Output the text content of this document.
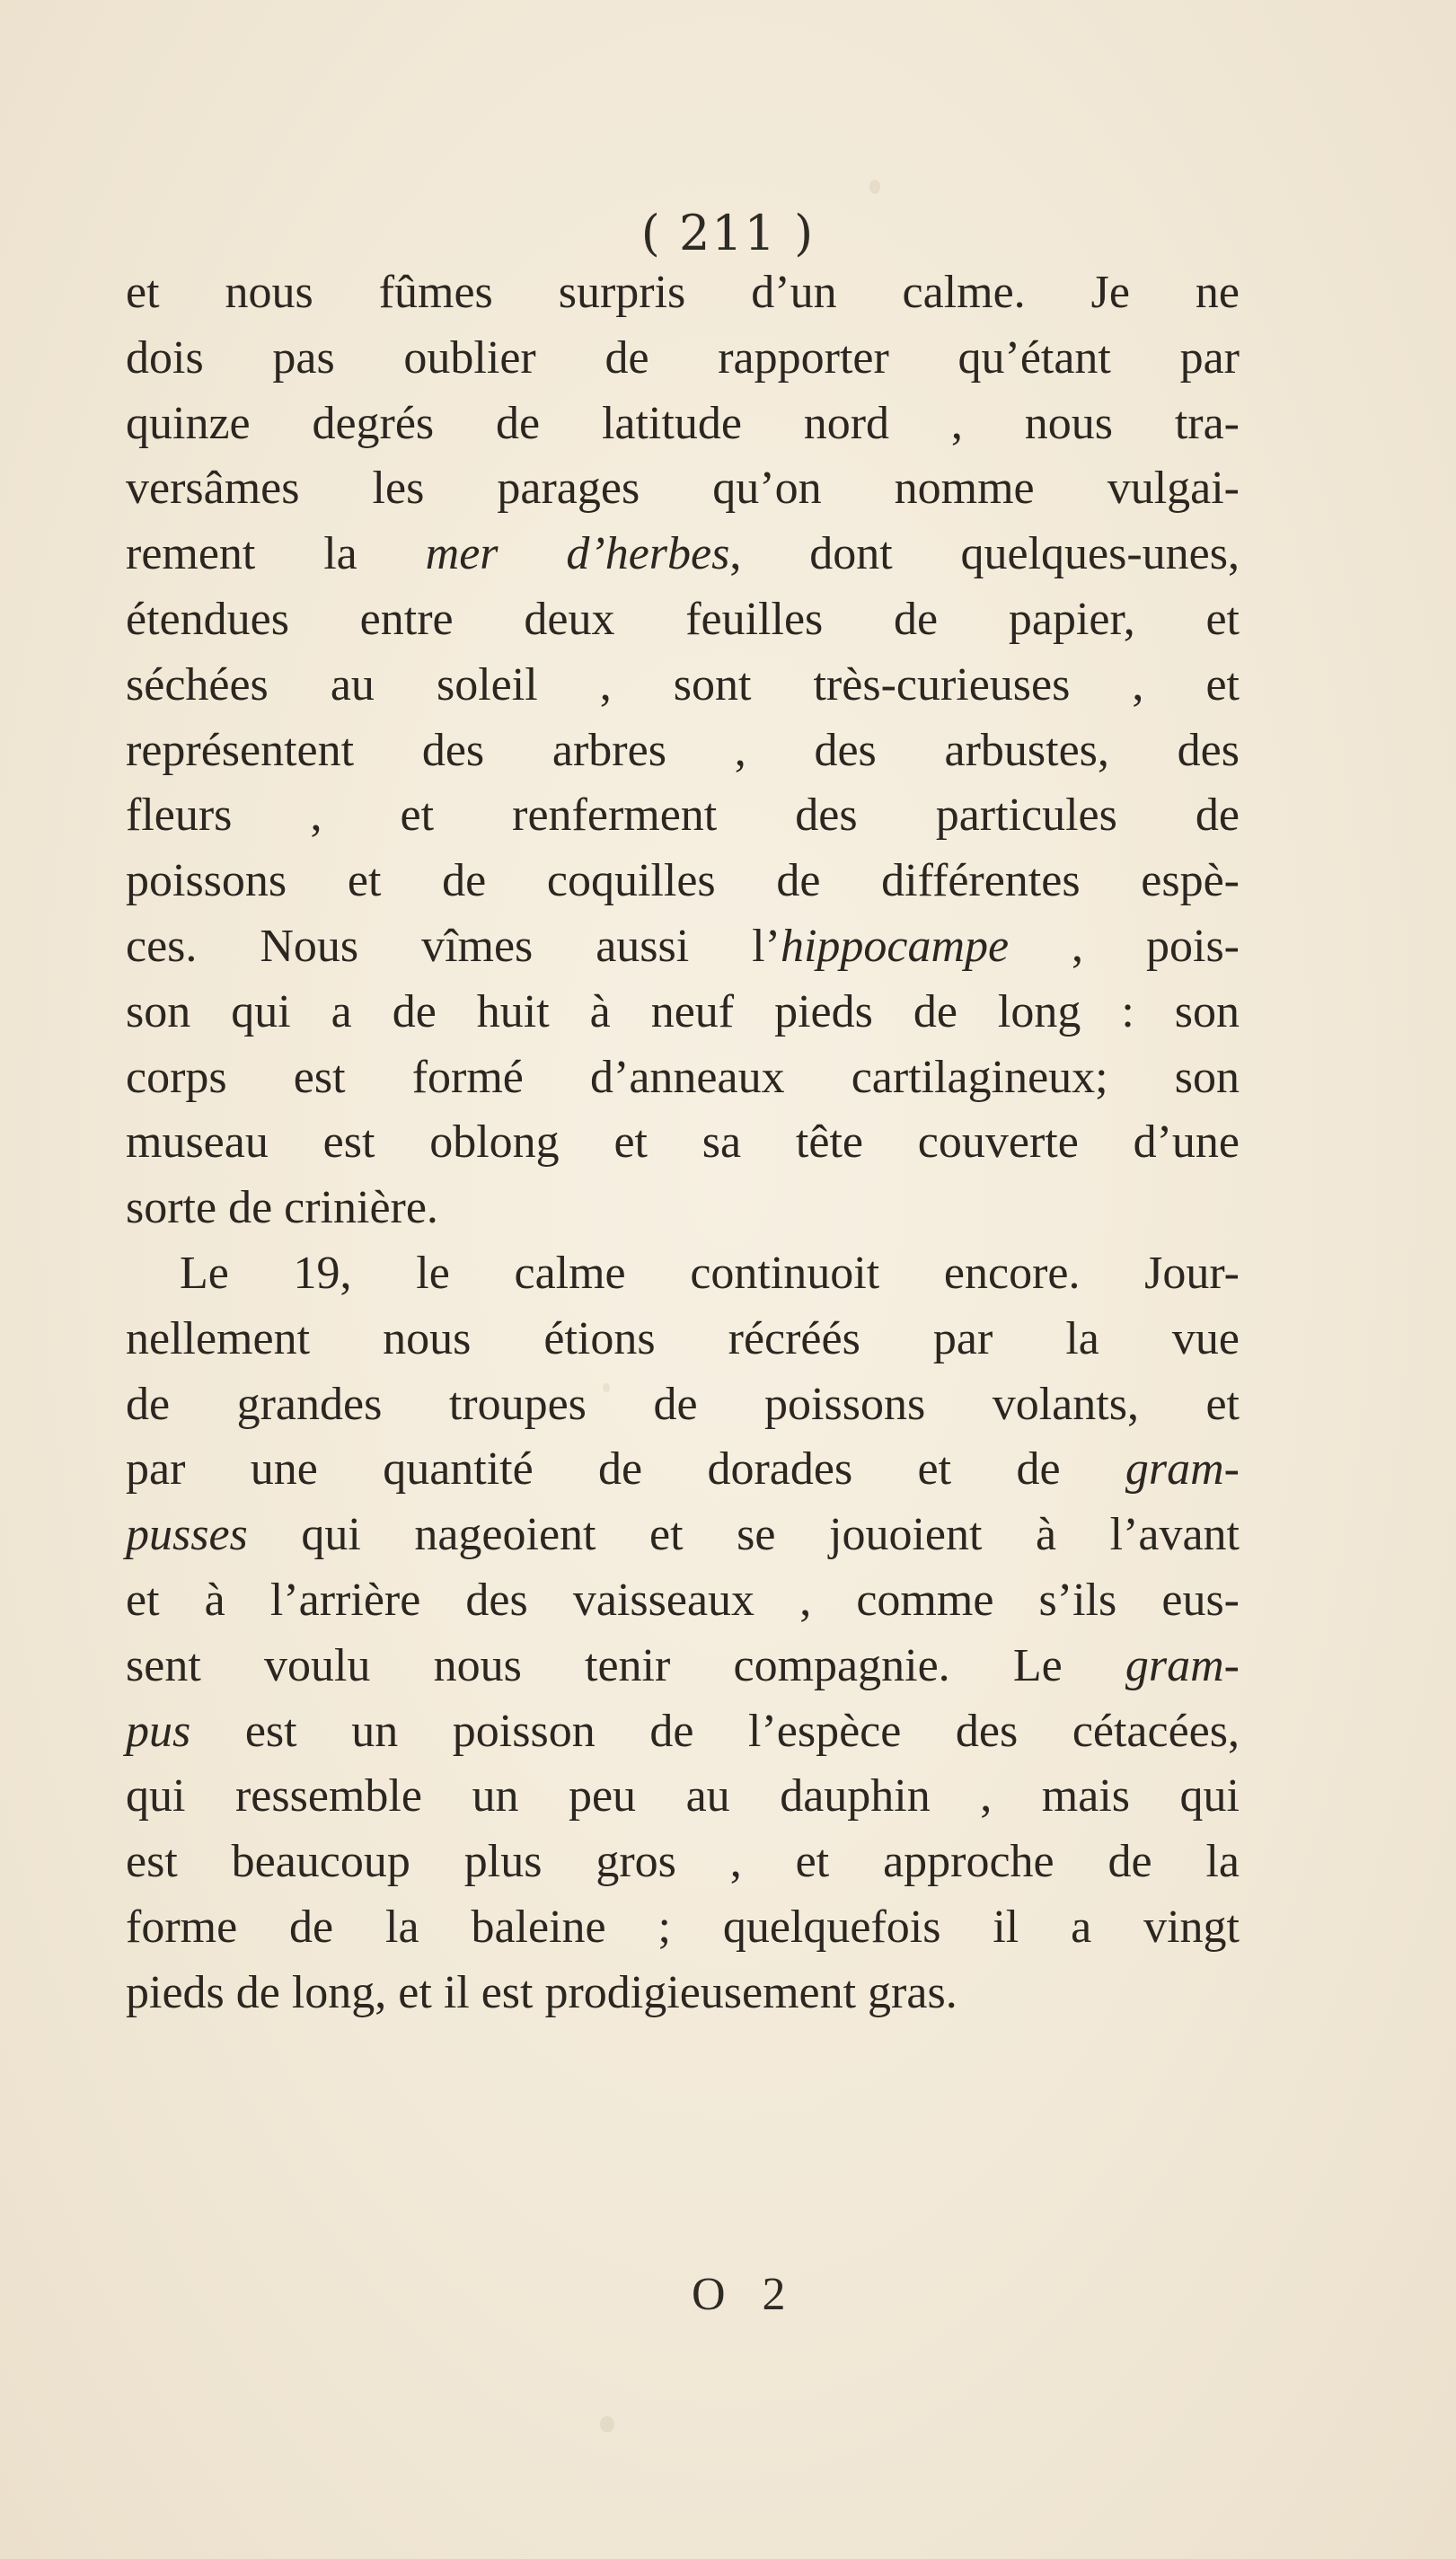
( 211 )
et nous fûmes surpris d’un calme. Je ne
dois pas oublier de rapporter qu’étant par
quinze degrés de latitude nord , nous tra-
versâmes les parages qu’on nomme vulgai-
rement la mer d’herbes, dont quelques-unes,
étendues entre deux feuilles de papier, et
séchées au soleil , sont très-curieuses , et
représentent des arbres , des arbustes, des
fleurs , et renferment des particules de
poissons et de coquilles de différentes espè-
ces. Nous vîmes aussi l’hippocampe , pois-
son qui a de huit à neuf pieds de long : son
corps est formé d’anneaux cartilagineux; son
museau est oblong et sa tête couverte d’une
sorte de crinière.
Le 19, le calme continuoit encore. Jour-
nellement nous étions récréés par la vue
de grandes troupes de poissons volants, et
par une quantité de dorades et de gram-
pusses qui nageoient et se jouoient à l’avant
et à l’arrière des vaisseaux , comme s’ils eus-
sent voulu nous tenir compagnie. Le gram-
pus est un poisson de l’espèce des cétacées,
qui ressemble un peu au dauphin , mais qui
est beaucoup plus gros , et approche de la
forme de la baleine ; quelquefois il a vingt
pieds de long, et il est prodigieusement gras.
O 2
